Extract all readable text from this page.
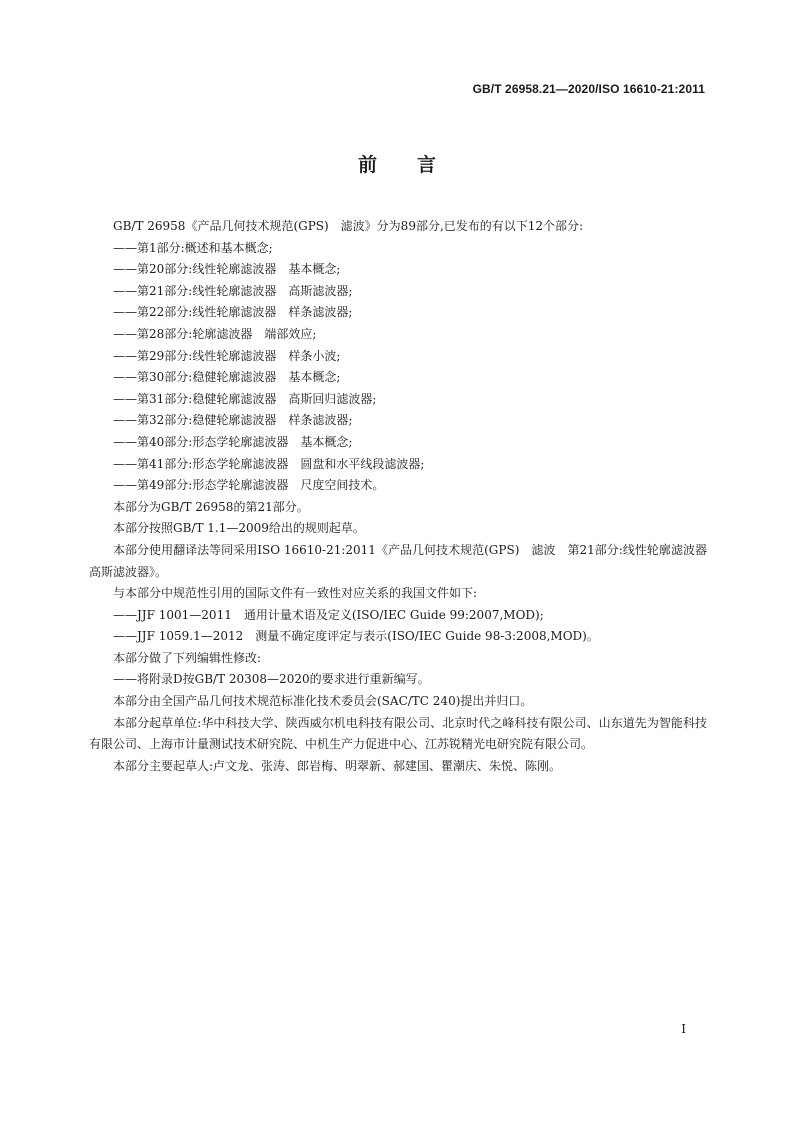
GB/T 26958.21—2020/ISO 16610-21:2011
前言

GB/T 26958《产品几何技术规范(GPS)　滤波》分为89部分,已发布的有以下12个部分:

——第1部分:概述和基本概念;

——第20部分:线性轮廓滤波器　基本概念;

——第21部分:线性轮廓滤波器　高斯滤波器;

——第22部分:线性轮廓滤波器　样条滤波器;

——第28部分:轮廓滤波器　端部效应;

——第29部分:线性轮廓滤波器　样条小波;

——第30部分:稳健轮廓滤波器　基本概念;

——第31部分:稳健轮廓滤波器　高斯回归滤波器;

——第32部分:稳健轮廓滤波器　样条滤波器;

——第40部分:形态学轮廓滤波器　基本概念;

——第41部分:形态学轮廓滤波器　圆盘和水平线段滤波器;

——第49部分:形态学轮廓滤波器　尺度空间技术。

本部分为GB/T 26958的第21部分。

本部分按照GB/T 1.1—2009给出的规则起草。

本部分使用翻译法等同采用ISO 16610-21:2011《产品几何技术规范(GPS)　滤波　第21部分:线性轮廓滤波器　高斯滤波器》。

与本部分中规范性引用的国际文件有一致性对应关系的我国文件如下:

——JJF 1001—2011　通用计量术语及定义(ISO/IEC Guide 99:2007,MOD);

——JJF 1059.1—2012　测量不确定度评定与表示(ISO/IEC Guide 98-3:2008,MOD)。

本部分做了下列编辑性修改:

——将附录D按GB/T 20308—2020的要求进行重新编写。

本部分由全国产品几何技术规范标准化技术委员会(SAC/TC 240)提出并归口。

本部分起草单位:华中科技大学、陕西威尔机电科技有限公司、北京时代之峰科技有限公司、山东道先为智能科技有限公司、上海市计量测试技术研究院、中机生产力促进中心、江苏锐精光电研究院有限公司。

本部分主要起草人:卢文龙、张涛、郎岩梅、明翠新、郝建国、瞿潮庆、朱悦、陈刚。

I
